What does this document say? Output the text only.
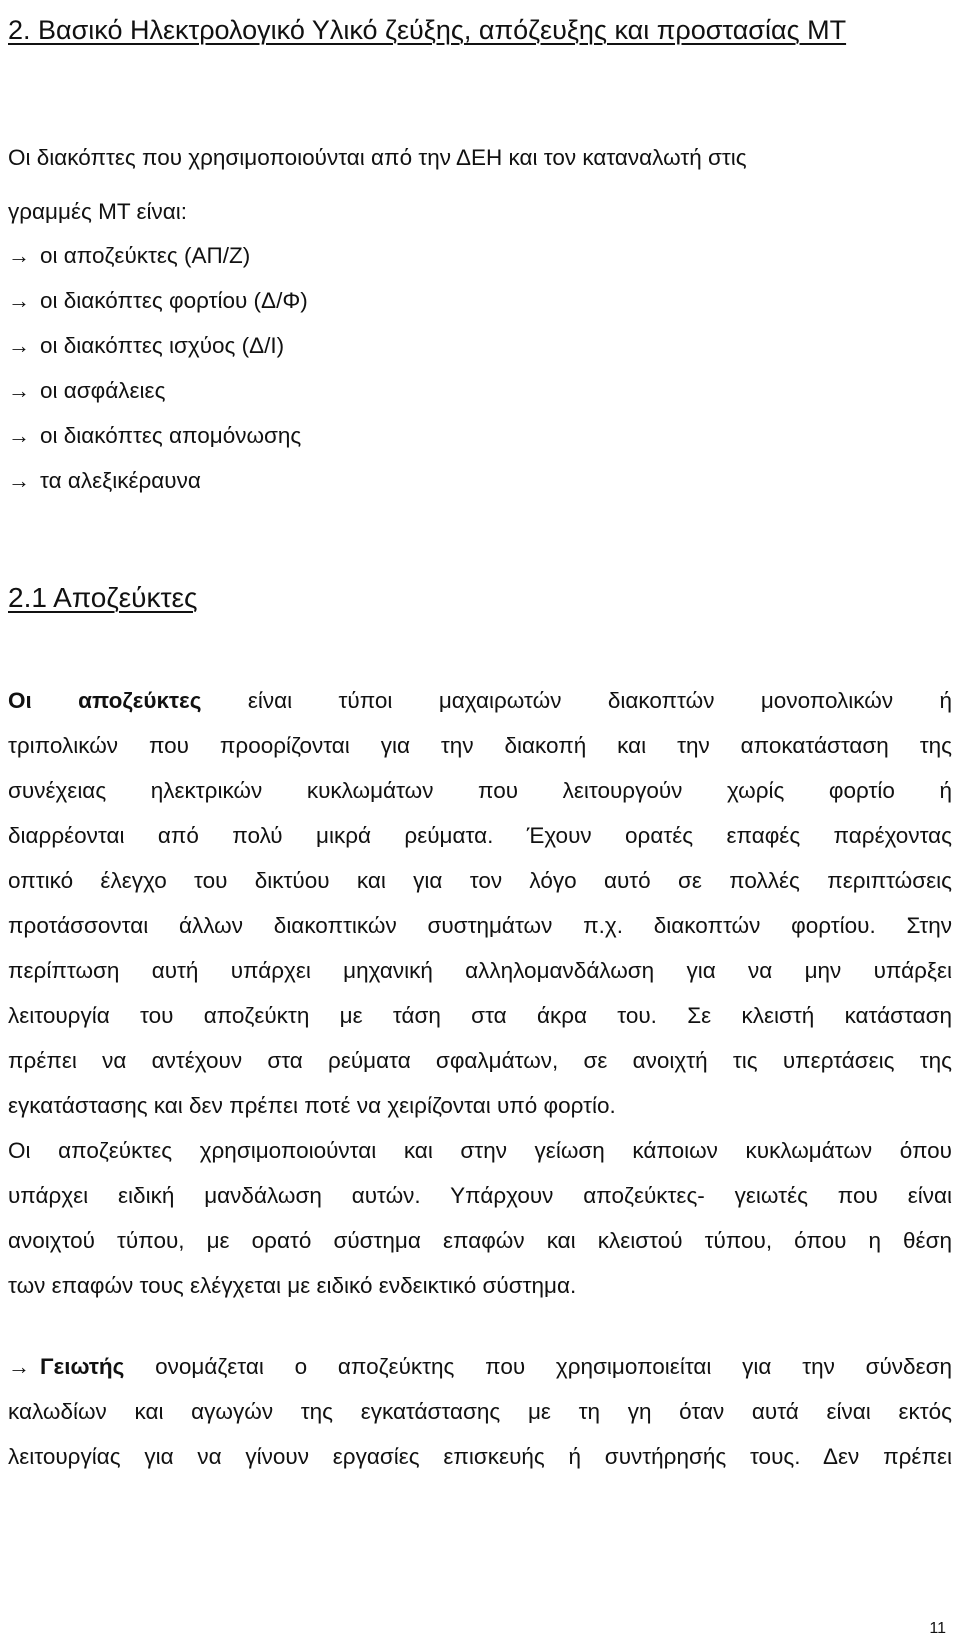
2. Βασικό Ηλεκτρολογικό Υλικό ζεύξης, απόζευξης και προστασίας ΜΤ
Οι διακόπτες που χρησιμοποιούνται από την ΔΕΗ και τον καταναλωτή στις
γραμμές ΜΤ είναι:
→ οι αποζεύκτες (ΑΠ/Ζ)
→ οι διακόπτες φορτίου (Δ/Φ)
→ οι διακόπτες ισχύος (Δ/Ι)
→ οι ασφάλειες
→ οι διακόπτες απομόνωσης
→ τα αλεξικέραυνα
2.1 Αποζεύκτες
Οι αποζεύκτες είναι τύποι μαχαιρωτών διακοπτών μονοπολικών ή
τριπολικών που προορίζονται για την διακοπή και την αποκατάσταση της
συνέχειας ηλεκτρικών κυκλωμάτων που λειτουργούν χωρίς φορτίο ή
διαρρέονται από πολύ μικρά ρεύματα. Έχουν ορατές επαφές παρέχοντας
οπτικό έλεγχο του δικτύου και για τον λόγο αυτό σε πολλές περιπτώσεις
προτάσσονται άλλων διακοπτικών συστημάτων π.χ. διακοπτών φορτίου. Στην
περίπτωση αυτή υπάρχει μηχανική αλληλομανδάλωση για να μην υπάρξει
λειτουργία του αποζεύκτη με τάση στα άκρα του. Σε κλειστή κατάσταση
πρέπει να αντέχουν στα ρεύματα σφαλμάτων, σε ανοιχτή τις υπερτάσεις της
εγκατάστασης και δεν πρέπει ποτέ να χειρίζονται υπό φορτίο.
Οι αποζεύκτες χρησιμοποιούνται και στην γείωση κάποιων κυκλωμάτων όπου
υπάρχει ειδική μανδάλωση αυτών. Υπάρχουν αποζεύκτες- γειωτές που είναι
ανοιχτού τύπου, με ορατό σύστημα επαφών και κλειστού τύπου, όπου η θέση
των επαφών τους ελέγχεται με ειδικό ενδεικτικό σύστημα.
→ Γειωτής ονομάζεται ο αποζεύκτης που χρησιμοποιείται για την σύνδεση
καλωδίων και αγωγών της εγκατάστασης με τη γη όταν αυτά είναι εκτός
λειτουργίας για να γίνουν εργασίες επισκευής ή συντήρησής τους. Δεν πρέπει
11
